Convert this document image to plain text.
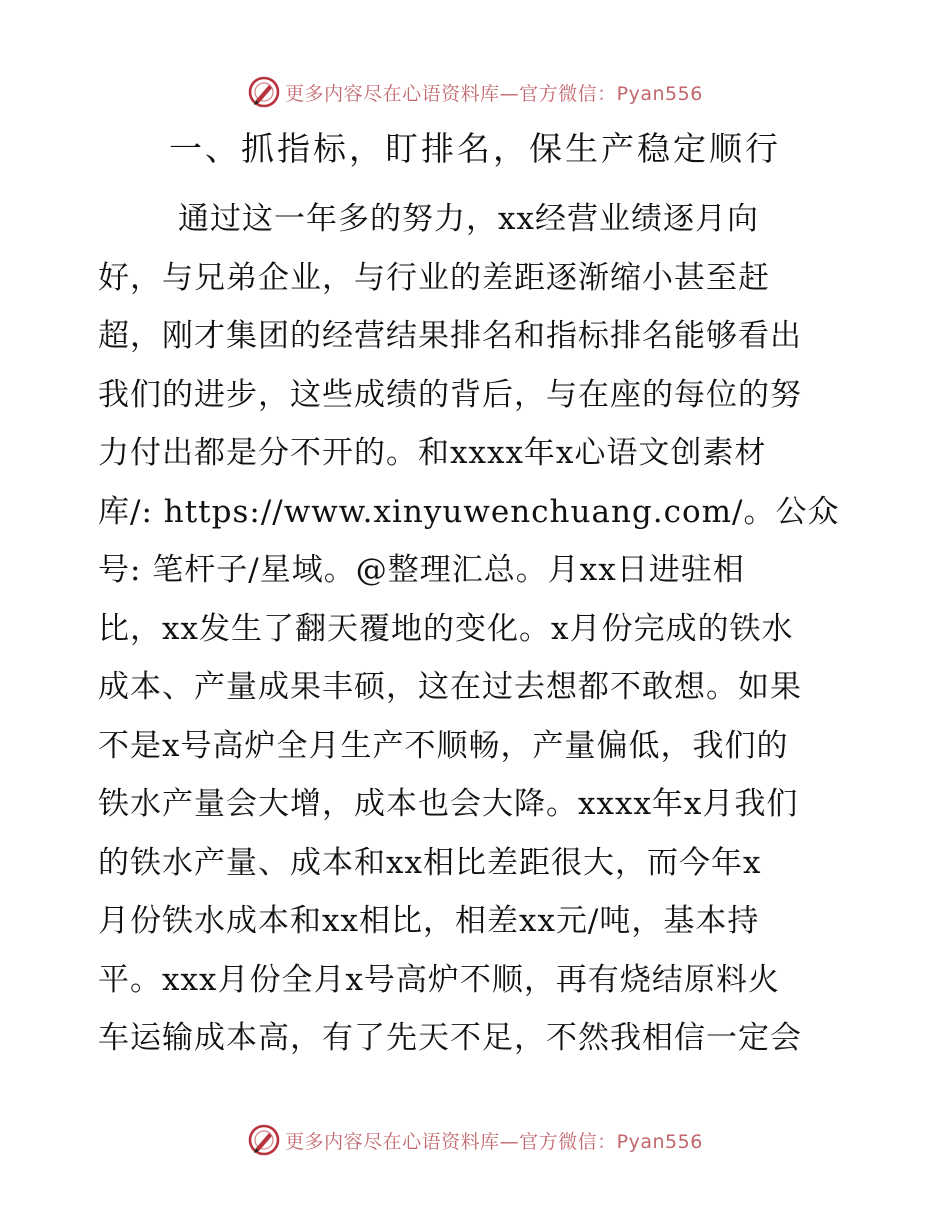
更多内容尽在心语资料库—官方微信：Pyan556
一、抓指标，盯排名，保生产稳定顺行
通过这一年多的努力，xx经营业绩逐月向
好，与兄弟企业，与行业的差距逐渐缩小甚至赶
超，刚才集团的经营结果排名和指标排名能够看出
我们的进步，这些成绩的背后，与在座的每位的努
力付出都是分不开的。和xxxx年x心语文创素材
库/: https://www.xinyuwenchuang.com/。公众
号: 笔杆子/星域。@整理汇总。月xx日进驻相
比，xx发生了翻天覆地的变化。x月份完成的铁水
成本、产量成果丰硕，这在过去想都不敢想。如果
不是x号高炉全月生产不顺畅，产量偏低，我们的
铁水产量会大增，成本也会大降。xxxx年x月我们
的铁水产量、成本和xx相比差距很大，而今年x
月份铁水成本和xx相比，相差xx元/吨，基本持
平。xxx月份全月x号高炉不顺，再有烧结原料火
车运输成本高，有了先天不足，不然我相信一定会
更多内容尽在心语资料库—官方微信：Pyan556
